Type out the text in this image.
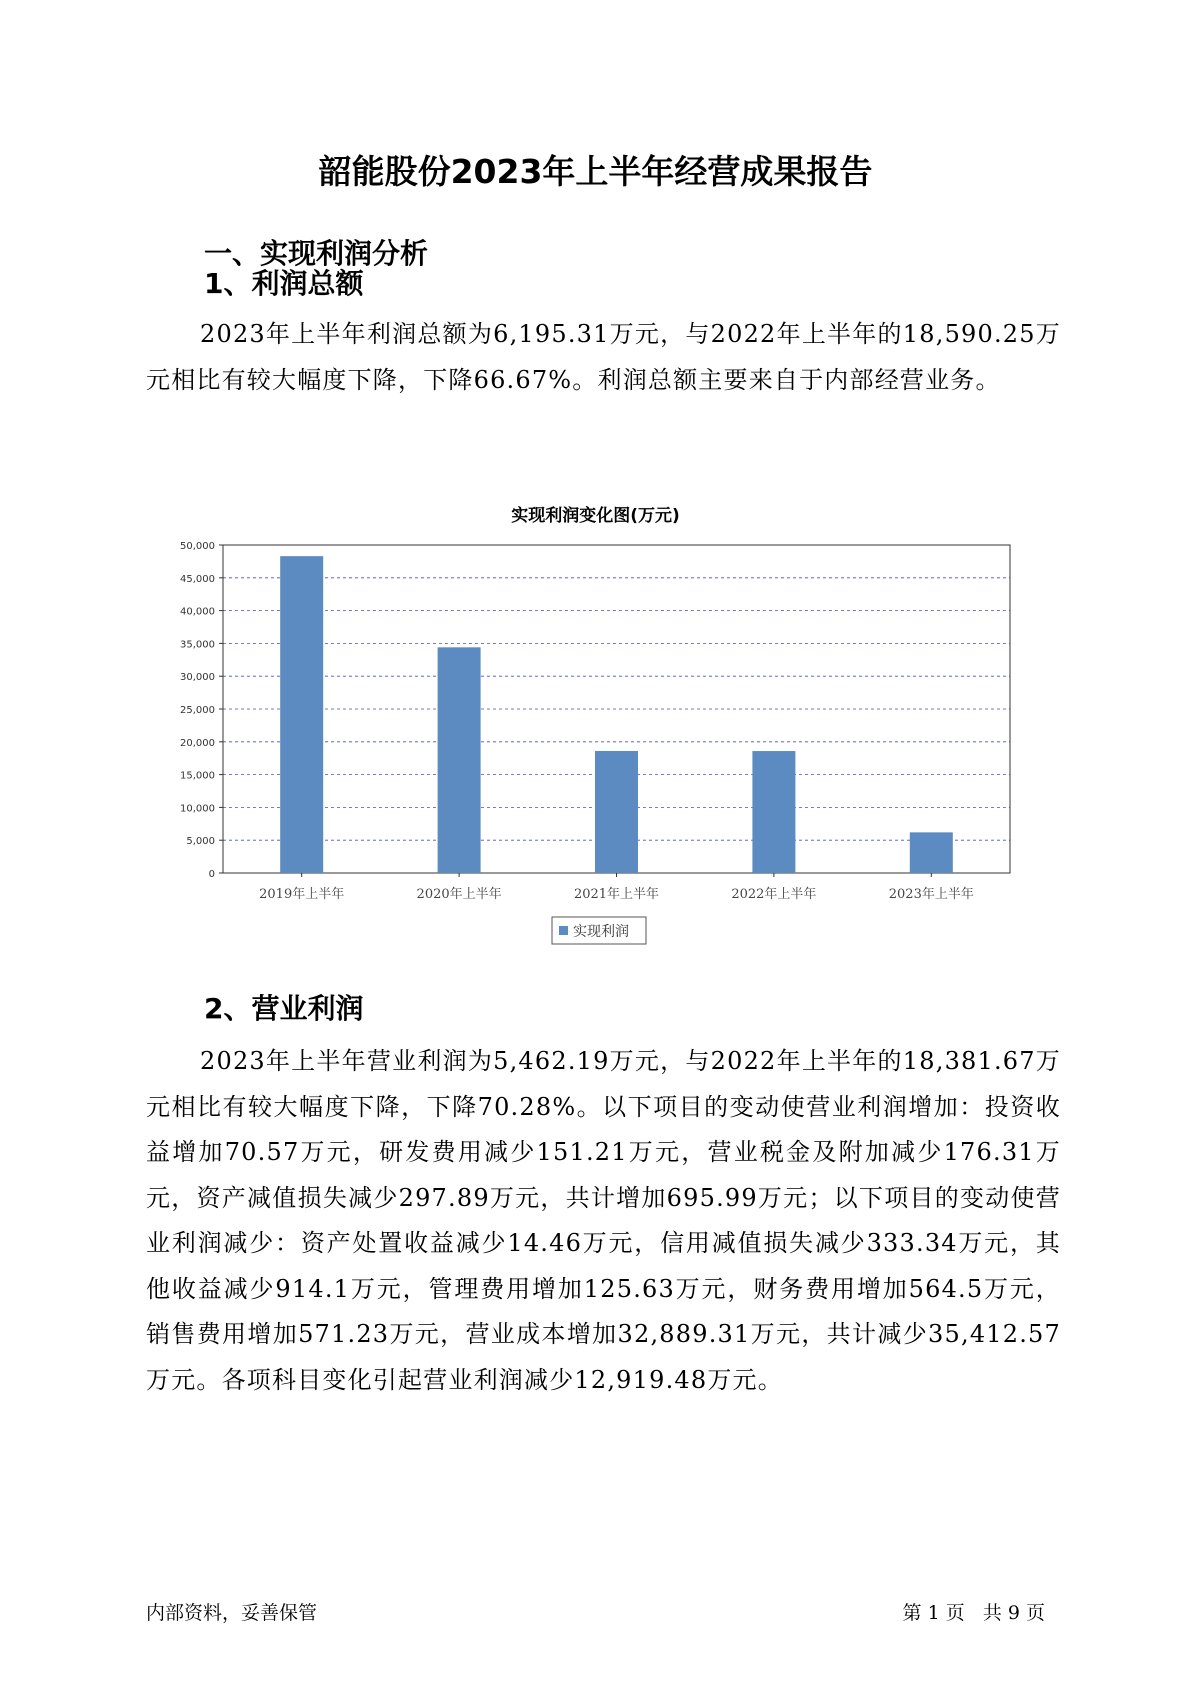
韶能股份2023年上半年经营成果报告
一、实现利润分析
1、利润总额
2023年上半年利润总额为6,195.31万元，与2022年上半年的18,590.25万元相比有较大幅度下降，下降66.67%。利润总额主要来自于内部经营业务。
实现利润变化图(万元)
0
5,000
10,000
15,000
20,000
25,000
30,000
35,000
40,000
45,000
50,000
2019年上半年	2020年上半年	2021年上半年	2022年上半年	2023年上半年
实现利润
2、营业利润
2023年上半年营业利润为5,462.19万元，与2022年上半年的18,381.67万元相比有较大幅度下降，下降70.28%。以下项目的变动使营业利润增加：投资收益增加70.57万元，研发费用减少151.21万元，营业税金及附加减少176.31万元，资产减值损失减少297.89万元，共计增加695.99万元；以下项目的变动使营业利润减少：资产处置收益减少14.46万元，信用减值损失减少333.34万元，其他收益减少914.1万元，管理费用增加125.63万元，财务费用增加564.5万元，销售费用增加571.23万元，营业成本增加32,889.31万元，共计减少35,412.57万元。各项科目变化引起营业利润减少12,919.48万元。
内部资料，妥善保管	第 1 页   共 9 页
